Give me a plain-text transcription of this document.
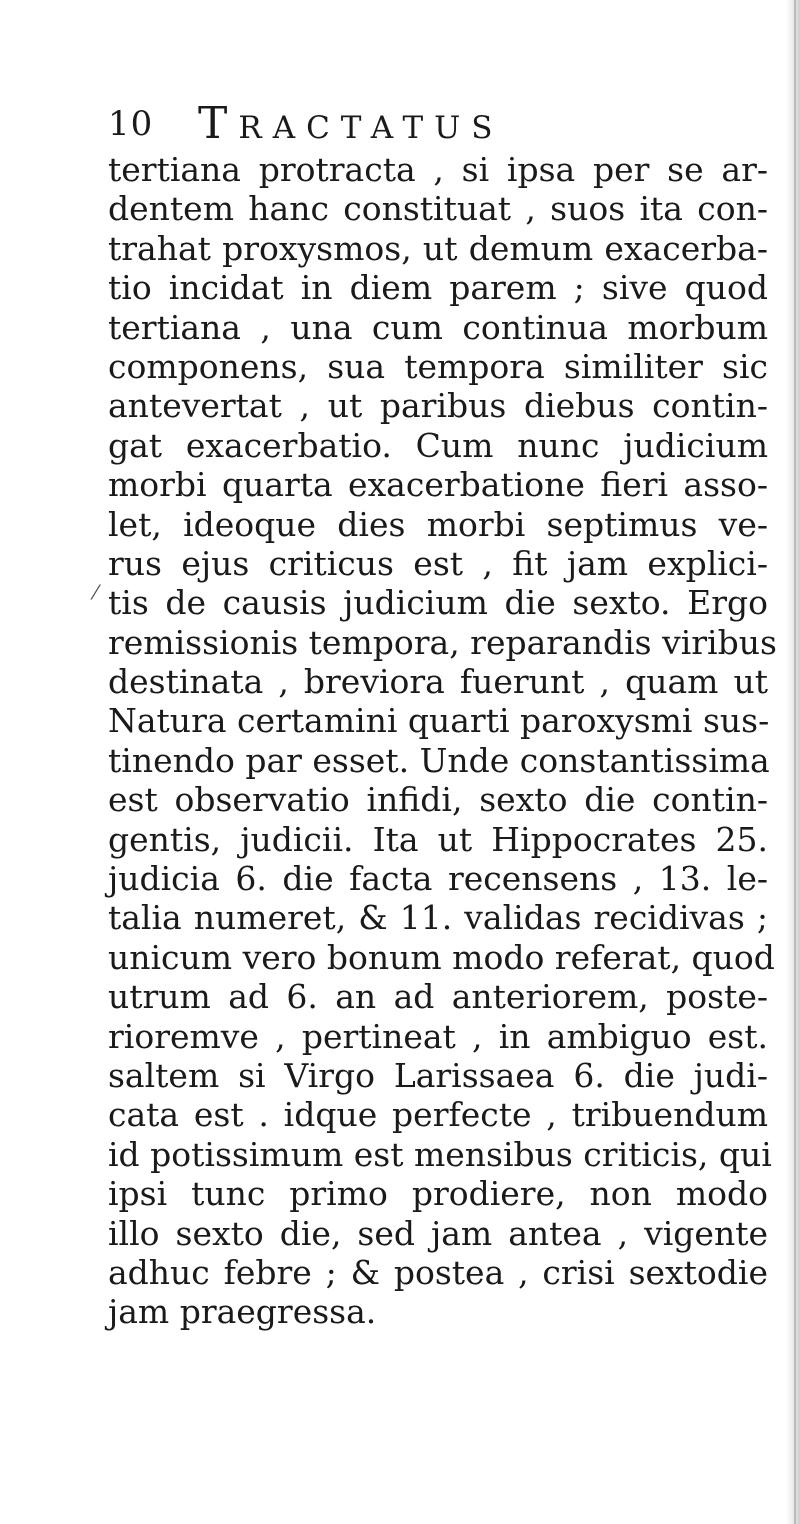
10 Tractatus
⁄
tertiana protracta , si ipsa per se ar-
dentem hanc constituat , suos ita con-
trahat proxysmos, ut demum exacerba-
tio incidat in diem parem ; sive quod
tertiana , una cum continua morbum
componens, sua tempora similiter sic
antevertat , ut paribus diebus contin-
gat exacerbatio. Cum nunc judicium
morbi quarta exacerbatione fieri asso-
let, ideoque dies morbi septimus ve-
rus ejus criticus est , fit jam explici-
tis de causis judicium die sexto. Ergo
remissionis tempora, reparandis viribus
destinata , breviora fuerunt , quam ut
Natura certamini quarti paroxysmi sus-
tinendo par esset. Unde constantissima
est observatio infidi, sexto die contin-
gentis, judicii. Ita ut Hippocrates 25.
judicia 6. die facta recensens , 13. le-
talia numeret, & 11. validas recidivas ;
unicum vero bonum modo referat, quod
utrum ad 6. an ad anteriorem, poste-
rioremve , pertineat , in ambiguo est.
saltem si Virgo Larissaea 6. die judi-
cata est . idque perfecte , tribuendum
id potissimum est mensibus criticis, qui
ipsi tunc primo prodiere, non modo
illo sexto die, sed jam antea , vigente
adhuc febre ; & postea , crisi sextodie
jam praegressa.
